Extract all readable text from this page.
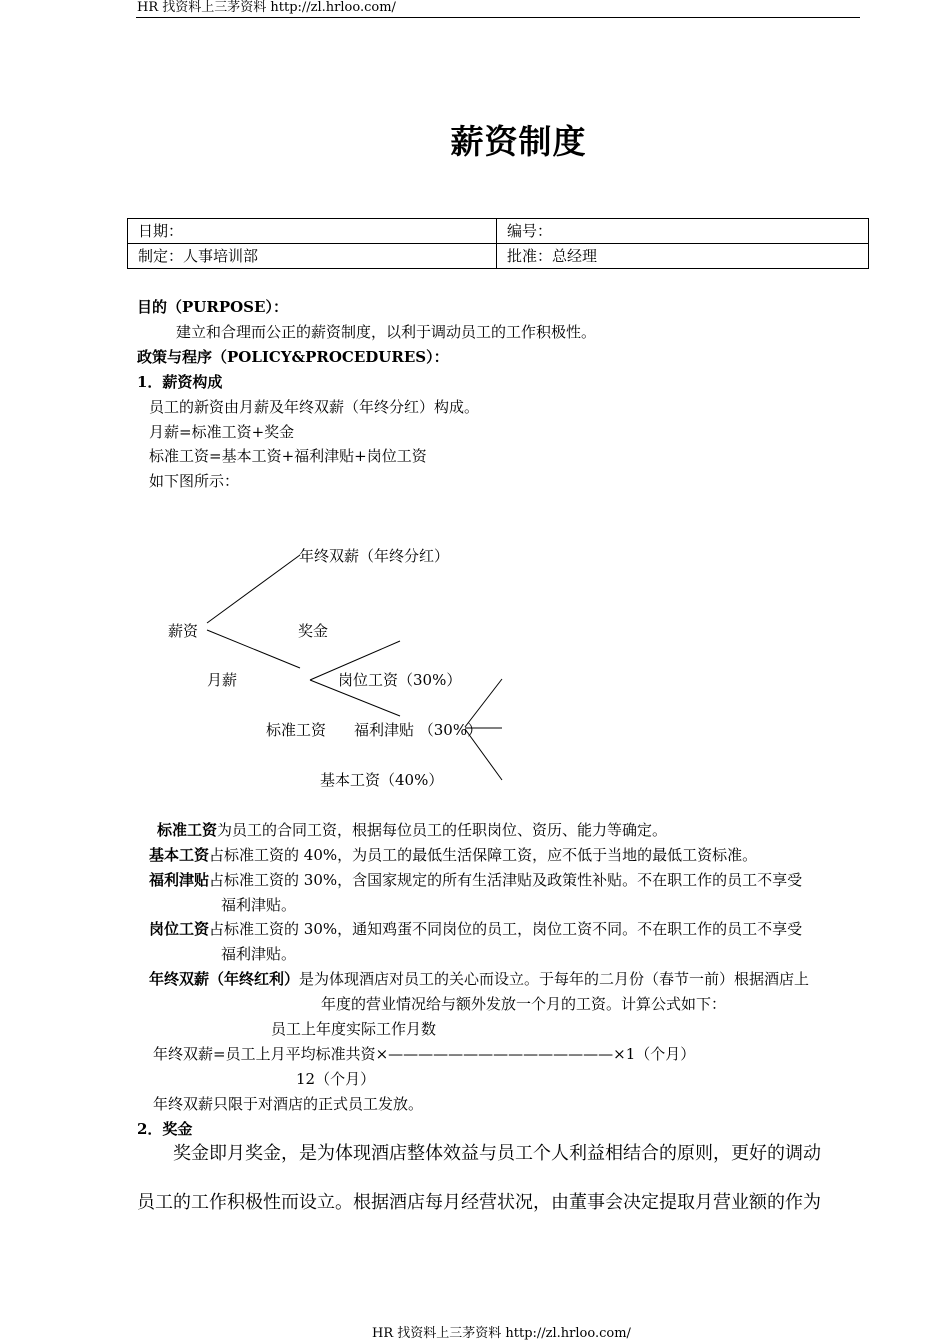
HR 找资料上三茅资料 http://zl.hrloo.com/
薪资制度
日期：	编号：
制定：人事培训部	批准：总经理
目的（PURPOSE）：
建立和合理而公正的薪资制度，以利于调动员工的工作积极性。
政策与程序（POLICY&PROCEDURES）：
1．薪资构成
员工的新资由月薪及年终双薪（年终分红）构成。
月薪=标准工资+奖金
标准工资=基本工资+福利津贴+岗位工资
如下图所示：
年终双薪（年终分红）
薪资	奖金
月薪	岗位工资（30%）
标准工资 福利津贴 （30%）
基本工资（40%）
标准工资为员工的合同工资，根据每位员工的任职岗位、资历、能力等确定。
基本工资占标准工资的 40%，为员工的最低生活保障工资，应不低于当地的最低工资标准。
福利津贴占标准工资的 30%，含国家规定的所有生活津贴及政策性补贴。不在职工作的员工不享受
福利津贴。
岗位工资占标准工资的 30%，通知鸡蛋不同岗位的员工，岗位工资不同。不在职工作的员工不享受
福利津贴。
年终双薪（年终红利）是为体现酒店对员工的关心而设立。于每年的二月份（春节一前）根据酒店上
年度的营业情况给与额外发放一个月的工资。计算公式如下：
员工上年度实际工作月数
年终双薪=员工上月平均标准共资×———————————————×1（个月）
12（个月）
年终双薪只限于对酒店的正式员工发放。
2．奖金
奖金即月奖金，是为体现酒店整体效益与员工个人利益相结合的原则，更好的调动
员工的工作积极性而设立。根据酒店每月经营状况，由董事会决定提取月营业额的作为
HR 找资料上三茅资料 http://zl.hrloo.com/
